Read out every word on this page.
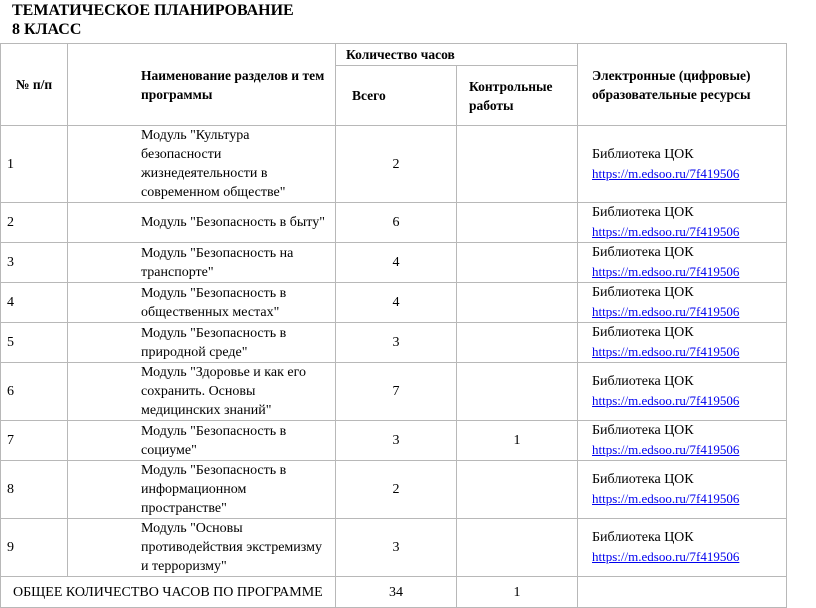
ТЕМАТИЧЕСКОЕ ПЛАНИРОВАНИЕ
8 КЛАСС
№ п/п	Наименование разделов и тем программы	Количество часов		Электронные (цифровые) образовательные ресурсы
		Всего	Контрольные работы	
1	Модуль "Культура безопасности жизнедеятельности в современном обществе"	2		Библиотека ЦОК
https://m.edsoo.ru/7f419506
2	Модуль "Безопасность в быту"	6		Библиотека ЦОК
https://m.edsoo.ru/7f419506
3	Модуль "Безопасность на транспорте"	4		Библиотека ЦОК
https://m.edsoo.ru/7f419506
4	Модуль "Безопасность в общественных местах"	4		Библиотека ЦОК
https://m.edsoo.ru/7f419506
5	Модуль "Безопасность в природной среде"	3		Библиотека ЦОК
https://m.edsoo.ru/7f419506
6	Модуль "Здоровье и как его сохранить. Основы медицинских знаний"	7		Библиотека ЦОК
https://m.edsoo.ru/7f419506
7	Модуль "Безопасность в социуме"	3	1	Библиотека ЦОК
https://m.edsoo.ru/7f419506
8	Модуль "Безопасность в информационном пространстве"	2		Библиотека ЦОК
https://m.edsoo.ru/7f419506
9	Модуль "Основы противодействия экстремизму и терроризму"	3		Библиотека ЦОК
https://m.edsoo.ru/7f419506
ОБЩЕЕ КОЛИЧЕСТВО ЧАСОВ ПО ПРОГРАММЕ		34	1	
